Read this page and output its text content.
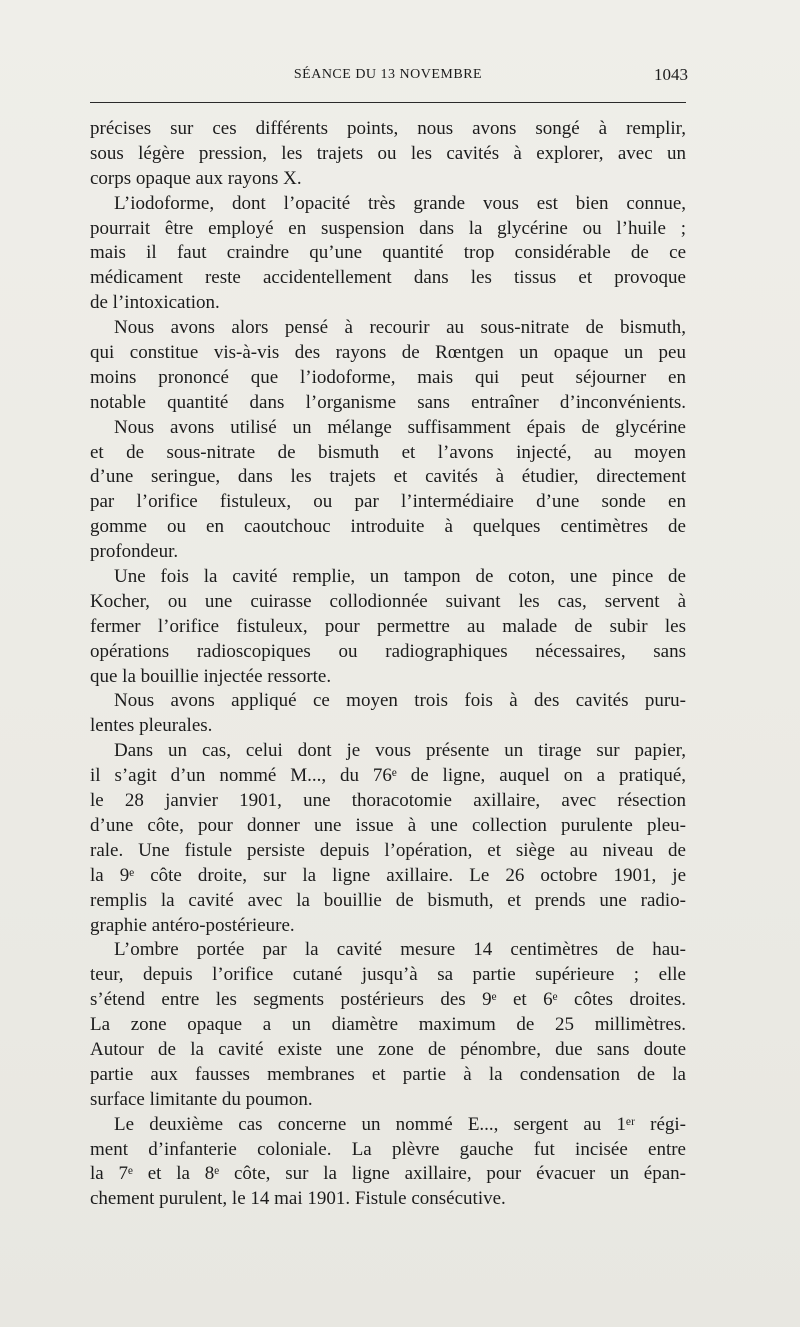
SÉANCE DU 13 NOVEMBRE	1043
précises sur ces différents points, nous avons songé à remplir,
sous légère pression, les trajets ou les cavités à explorer, avec un
corps opaque aux rayons X.
L’iodoforme, dont l’opacité très grande vous est bien connue,
pourrait être employé en suspension dans la glycérine ou l’huile ;
mais il faut craindre qu’une quantité trop considérable de ce
médicament reste accidentellement dans les tissus et provoque
de l’intoxication.
Nous avons alors pensé à recourir au sous-nitrate de bismuth,
qui constitue vis-à-vis des rayons de Rœntgen un opaque un peu
moins prononcé que l’iodoforme, mais qui peut séjourner en
notable quantité dans l’organisme sans entraîner d’inconvénients.
Nous avons utilisé un mélange suffisamment épais de glycérine
et de sous-nitrate de bismuth et l’avons injecté, au moyen
d’une seringue, dans les trajets et cavités à étudier, directement
par l’orifice fistuleux, ou par l’intermédiaire d’une sonde en
gomme ou en caoutchouc introduite à quelques centimètres de
profondeur.
Une fois la cavité remplie, un tampon de coton, une pince de
Kocher, ou une cuirasse collodionnée suivant les cas, servent à
fermer l’orifice fistuleux, pour permettre au malade de subir les
opérations radioscopiques ou radiographiques nécessaires, sans
que la bouillie injectée ressorte.
Nous avons appliqué ce moyen trois fois à des cavités puru-
lentes pleurales.
Dans un cas, celui dont je vous présente un tirage sur papier,
il s’agit d’un nommé M..., du 76ᵉ de ligne, auquel on a pratiqué,
le 28 janvier 1901, une thoracotomie axillaire, avec résection
d’une côte, pour donner une issue à une collection purulente pleu-
rale. Une fistule persiste depuis l’opération, et siège au niveau de
la 9ᵉ côte droite, sur la ligne axillaire. Le 26 octobre 1901, je
remplis la cavité avec la bouillie de bismuth, et prends une radio-
graphie antéro-postérieure.
L’ombre portée par la cavité mesure 14 centimètres de hau-
teur, depuis l’orifice cutané jusqu’à sa partie supérieure ; elle
s’étend entre les segments postérieurs des 9ᵉ et 6ᵉ côtes droites.
La zone opaque a un diamètre maximum de 25 millimètres.
Autour de la cavité existe une zone de pénombre, due sans doute
partie aux fausses membranes et partie à la condensation de la
surface limitante du poumon.
Le deuxième cas concerne un nommé E..., sergent au 1ᵉʳ régi-
ment d’infanterie coloniale. La plèvre gauche fut incisée entre
la 7ᵉ et la 8ᵉ côte, sur la ligne axillaire, pour évacuer un épan-
chement purulent, le 14 mai 1901. Fistule consécutive.
